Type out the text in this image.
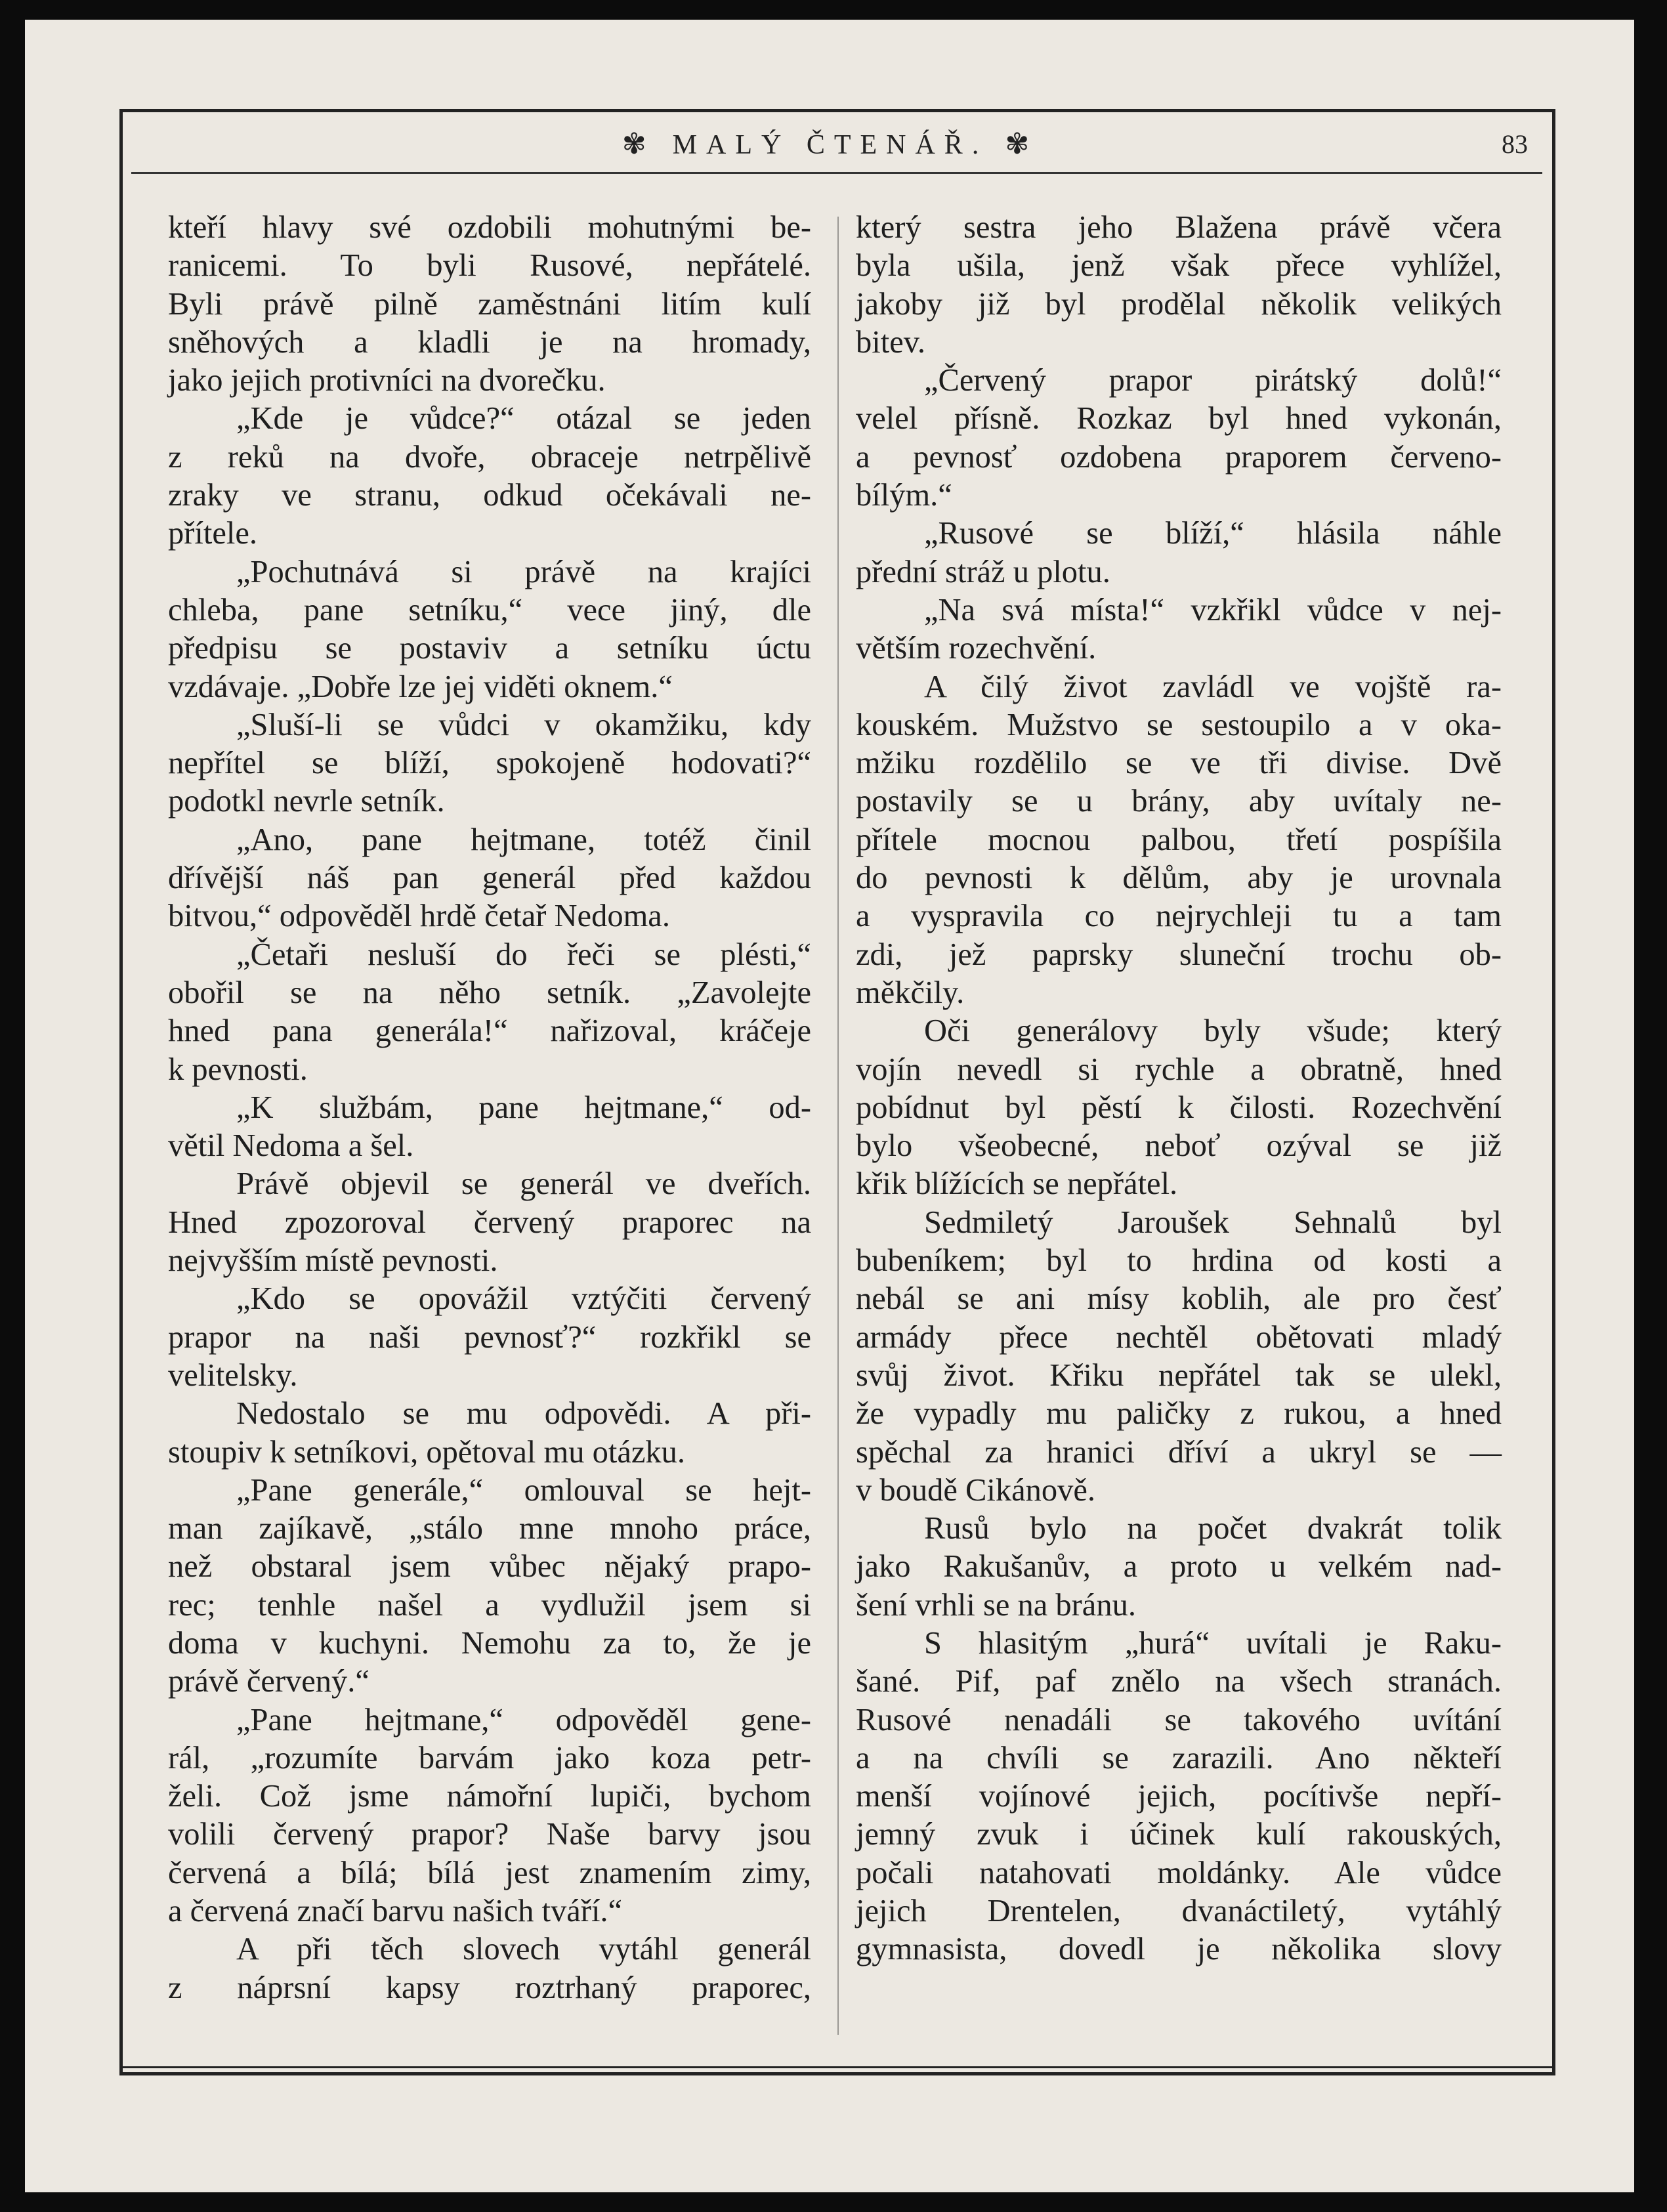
✾ MALÝ ČTENÁŘ. ✾	83
kteří hlavy své ozdobili mohutnými be-
ranicemi. To byli Rusové, nepřátelé.
Byli právě pilně zaměstnáni litím kulí
sněhových a kladli je na hromady,
jako jejich protivníci na dvorečku.
„Kde je vůdce?“ otázal se jeden
z reků na dvoře, obraceje netrpělivě
zraky ve stranu, odkud očekávali ne-
přítele.
„Pochutnává si právě na krajíci
chleba, pane setníku,“ vece jiný, dle
předpisu se postaviv a setníku úctu
vzdávaje. „Dobře lze jej viděti oknem.“
„Sluší-li se vůdci v okamžiku, kdy
nepřítel se blíží, spokojeně hodovati?“
podotkl nevrle setník.
„Ano, pane hejtmane, totéž činil
dřívější náš pan generál před každou
bitvou,“ odpověděl hrdě četař Nedoma.
„Četaři nesluší do řeči se plésti,“
obořil se na něho setník. „Zavolejte
hned pana generála!“ nařizoval, kráčeje
k pevnosti.
„K službám, pane hejtmane,“ od-
větil Nedoma a šel.
Právě objevil se generál ve dveřích.
Hned zpozoroval červený praporec na
nejvyšším místě pevnosti.
„Kdo se opovážil vztýčiti červený
prapor na naši pevnosť?“ rozkřikl se
velitelsky.
Nedostalo se mu odpovědi. A při-
stoupiv k setníkovi, opětoval mu otázku.
„Pane generále,“ omlouval se hejt-
man zajíkavě, „stálo mne mnoho práce,
než obstaral jsem vůbec nějaký prapo-
rec; tenhle našel a vydlužil jsem si
doma v kuchyni. Nemohu za to, že je
právě červený.“
„Pane hejtmane,“ odpověděl gene-
rál, „rozumíte barvám jako koza petr-
želi. Což jsme námořní lupiči, bychom
volili červený prapor? Naše barvy jsou
červená a bílá; bílá jest znamením zimy,
a červená značí barvu našich tváří.“
A při těch slovech vytáhl generál
z náprsní kapsy roztrhaný praporec,
který sestra jeho Blažena právě včera
byla ušila, jenž však přece vyhlížel,
jakoby již byl prodělal několik velikých
bitev.
„Červený prapor pirátský dolů!“
velel přísně. Rozkaz byl hned vykonán,
a pevnosť ozdobena praporem červeno-
bílým.“
„Rusové se blíží,“ hlásila náhle
přední stráž u plotu.
„Na svá místa!“ vzkřikl vůdce v nej-
větším rozechvění.
A čilý život zavládl ve vojště ra-
kouském. Mužstvo se sestoupilo a v oka-
mžiku rozdělilo se ve tři divise. Dvě
postavily se u brány, aby uvítaly ne-
přítele mocnou palbou, třetí pospíšila
do pevnosti k dělům, aby je urovnala
a vyspravila co nejrychleji tu a tam
zdi, jež paprsky sluneční trochu ob-
měkčily.
Oči generálovy byly všude; který
vojín nevedl si rychle a obratně, hned
pobídnut byl pěstí k čilosti. Rozechvění
bylo všeobecné, neboť ozýval se již
křik blížících se nepřátel.
Sedmiletý Jaroušek Sehnalů byl
bubeníkem; byl to hrdina od kosti a
nebál se ani mísy koblih, ale pro česť
armády přece nechtěl obětovati mladý
svůj život. Křiku nepřátel tak se ulekl,
že vypadly mu paličky z rukou, a hned
spěchal za hranici dříví a ukryl se —
v boudě Cikánově.
Rusů bylo na počet dvakrát tolik
jako Rakušanův, a proto u velkém nad-
šení vrhli se na bránu.
S hlasitým „hurá“ uvítali je Raku-
šané. Pif, paf znělo na všech stranách.
Rusové nenadáli se takového uvítání
a na chvíli se zarazili. Ano někteří
menší vojínové jejich, pocítivše nepří-
jemný zvuk i účinek kulí rakouských,
počali natahovati moldánky. Ale vůdce
jejich Drentelen, dvanáctiletý, vytáhlý
gymnasista, dovedl je několika slovy
